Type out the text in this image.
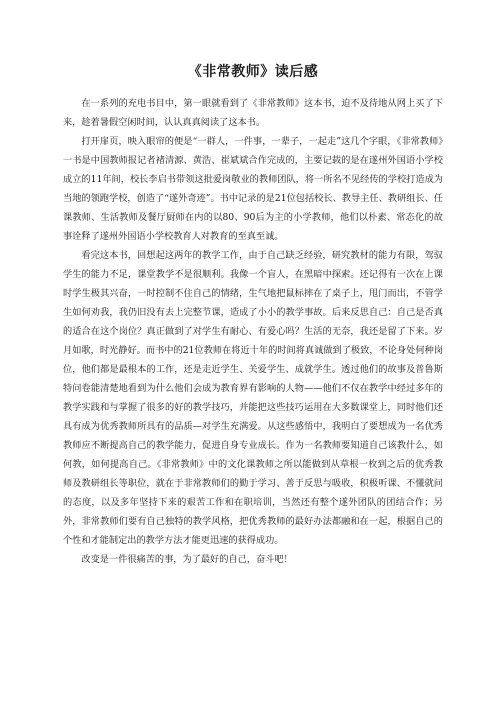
《非常教师》读后感

在一系列的充电书目中，第一眼就看到了《非常教师》这本书，迫不及待地从网上买了下来，趁着暑假空闲时间，认认真真阅读了这本书。

打开扉页，映入眼帘的便是“一群人，一件事，一辈子，一起走”这几个字眼，《非常教师》一书是中国教师报记者褚清源、黄浩、崔斌斌合作完成的，主要记载的是在遂州外国语小学校成立的11年间，校长李启书带领这批爱岗敬业的教师团队，将一所名不见经传的学校打造成为当地的领跑学校，创造了“遂外奇迹”。书中记录的是21位包括校长、教导主任、教研组长、任课教师、生活教师及餐厅厨师在内的以80、90后为主的小学教师，他们以朴素、常态化的故事诠释了遂州外国语小学校教育人对教育的至真至诚。

看完这本书，回想起这两年的教学工作，由于自己缺乏经验，研究教材的能力有限，驾驭学生的能力不足，课堂教学不是很顺利。我像一个盲人，在黑暗中探索。还记得有一次在上课时学生极其兴奋，一时控制不住自己的情绪，生气地把鼠标摔在了桌子上，甩门而出，不管学生如何劝我，我仍旧没有去上完整节课，造成了小小的教学事故。后来反思自己：自己是否真的适合在这个岗位？真正做到了对学生有耐心、有爱心吗？生活的无奈，我还是留了下来。岁月如歌，时光静好。而书中的21位教师在将近十年的时间将真诚做到了极致，不论身处何种岗位，他们都是最根本的工作，还是走近学生、关爱学生、成就学生。透过他们的故事及普鲁斯特问卷能清楚地看到为什么他们会成为教育界有影响的人物——他们不仅在教学中经过多年的教学实践和与掌握了很多的好的教学技巧，并能把这些技巧运用在大多数课堂上，同时他们还具有成为优秀教师所具有的品质—对学生充满爱。从这些感悟中，我明白了要想成为一名优秀教师应不断提高自己的教学能力，促进自身专业成长。作为一名教师要知道自己该教什么，如何教，如何提高自己。《非常教师》中的文化课教师之所以能做到从草根一枚到之后的优秀教师及教研组长等职位，就在于非常教师们的勤于学习、善于反思与吸收，积极听课、不懂就问的态度，以及多年坚持下来的艰苦工作和在职培训，当然还有整个遂外团队的团结合作；另外，非常教师们要有自己独特的教学风格，把优秀教师的最好办法都融和在一起，根据自己的个性和才能制定出的教学方法才能更迅速的获得成功。

改变是一件很痛苦的事，为了最好的自己，奋斗吧！
